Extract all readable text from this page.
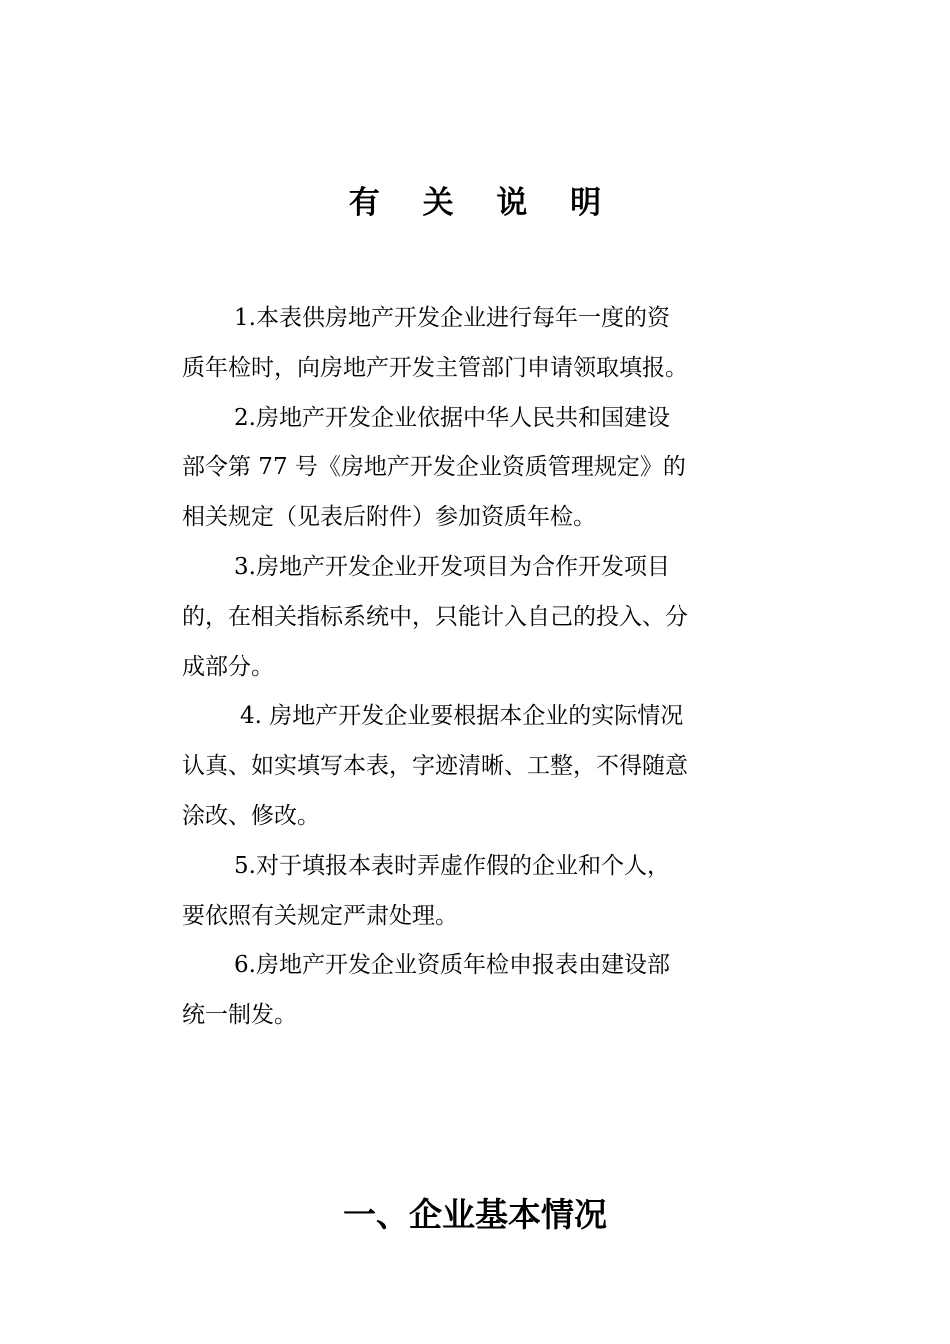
有 关 说 明
1.本表供房地产开发企业进行每年一度的资
质年检时，向房地产开发主管部门申请领取填报。
2.房地产开发企业依据中华人民共和国建设
部令第 77 号《房地产开发企业资质管理规定》的
相关规定（见表后附件）参加资质年检。
3.房地产开发企业开发项目为合作开发项目
的，在相关指标系统中，只能计入自己的投入、分
成部分。
4. 房地产开发企业要根据本企业的实际情况
认真、如实填写本表，字迹清晰、工整，不得随意
涂改、修改。
5.对于填报本表时弄虚作假的企业和个人，
要依照有关规定严肃处理。
6.房地产开发企业资质年检申报表由建设部
统一制发。
一、企业基本情况
